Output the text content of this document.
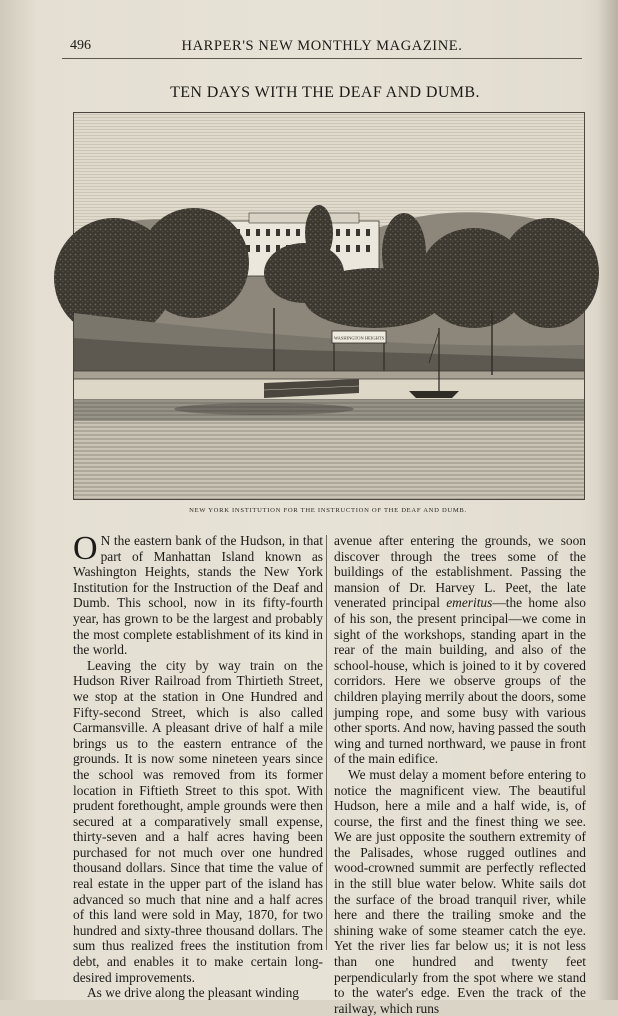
496	HARPER'S NEW MONTHLY MAGAZINE.
TEN DAYS WITH THE DEAF AND DUMB.
WASHINGTON HEIGHTS
NEW YORK INSTITUTION FOR THE INSTRUCTION OF THE DEAF AND DUMB.

O N the eastern bank of the Hudson, in that part of Manhattan Island known as Washington Heights, stands the New York Institution for the Instruction of the Deaf and Dumb. This school, now in its fifty-fourth year, has grown to be the largest and probably the most complete establishment of its kind in the world.

Leaving the city by way train on the Hudson River Railroad from Thirtieth Street, we stop at the station in One Hundred and Fifty-second Street, which is also called Carmansville. A pleasant drive of half a mile brings us to the eastern entrance of the grounds. It is now some nineteen years since the school was removed from its former location in Fiftieth Street to this spot. With prudent forethought, ample grounds were then secured at a comparatively small expense, thirty-seven and a half acres having been purchased for not much over one hundred thousand dollars. Since that time the value of real estate in the upper part of the island has advanced so much that nine and a half acres of this land were sold in May, 1870, for two hundred and sixty-three thousand dollars. The sum thus realized frees the institution from debt, and enables it to make certain long-desired improvements.

As we drive along the pleasant winding

avenue after entering the grounds, we soon discover through the trees some of the buildings of the establishment. Passing the mansion of Dr. Harvey L. Peet, the late venerated principal emeritus—the home also of his son, the present principal—we come in sight of the workshops, standing apart in the rear of the main building, and also of the school-house, which is joined to it by covered corridors. Here we observe groups of the children playing merrily about the doors, some jumping rope, and some busy with various other sports. And now, having passed the south wing and turned northward, we pause in front of the main edifice.

We must delay a moment before entering to notice the magnificent view. The beautiful Hudson, here a mile and a half wide, is, of course, the first and the finest thing we see. We are just opposite the southern extremity of the Palisades, whose rugged outlines and wood-crowned summit are perfectly reflected in the still blue water below. White sails dot the surface of the broad tranquil river, while here and there the trailing smoke and the shining wake of some steamer catch the eye. Yet the river lies far below us; it is not less than one hundred and twenty feet perpendicularly from the spot where we stand to the water's edge. Even the track of the railway, which runs
